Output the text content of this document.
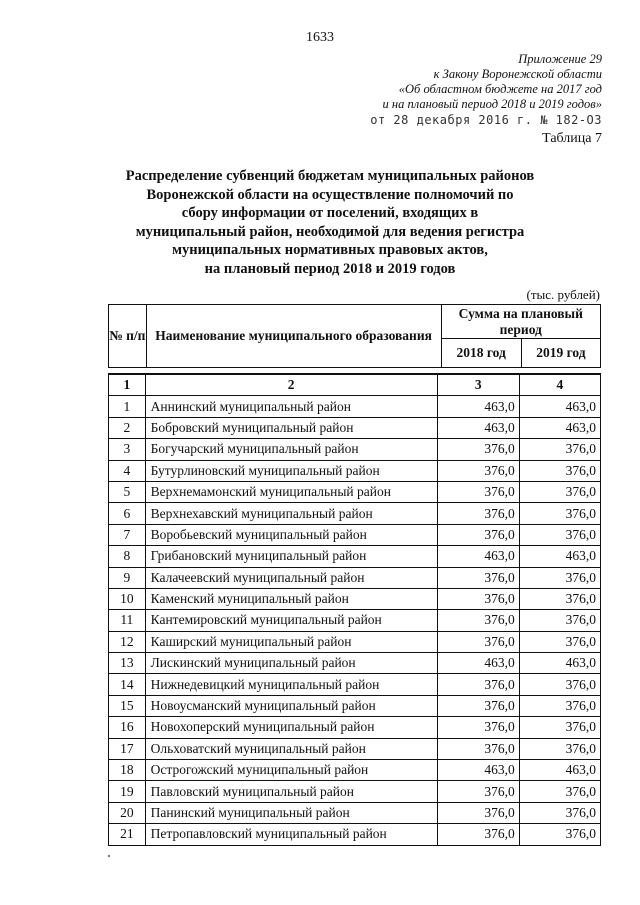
1633
Приложение 29
к Закону Воронежской области
«Об областном бюджете на 2017 год
и на плановый период 2018 и 2019 годов»
от 28 декабря 2016 г. № 182-ОЗ
Таблица 7
Распределение субвенций бюджетам муниципальных районов
Воронежской области на осуществление полномочий по
сбору информации от поселений, входящих в
муниципальный район, необходимой для ведения регистра
муниципальных нормативных правовых актов,
на плановый период 2018 и 2019 годов
(тыс. рублей)
№ п/п	Наименование муниципального образования	Сумма на плановый период	
		2018 год	2019 год
1	2	3	4
1	Аннинский муниципальный район	463,0	463,0
2	Бобровский муниципальный район	463,0	463,0
3	Богучарский муниципальный район	376,0	376,0
4	Бутурлиновский муниципальный район	376,0	376,0
5	Верхнемамонский муниципальный район	376,0	376,0
6	Верхнехавский муниципальный район	376,0	376,0
7	Воробьевский муниципальный район	376,0	376,0
8	Грибановский муниципальный район	463,0	463,0
9	Калачеевский муниципальный район	376,0	376,0
10	Каменский муниципальный район	376,0	376,0
11	Кантемировский муниципальный район	376,0	376,0
12	Каширский муниципальный район	376,0	376,0
13	Лискинский муниципальный район	463,0	463,0
14	Нижнедевицкий муниципальный район	376,0	376,0
15	Новоусманский муниципальный район	376,0	376,0
16	Новохоперский муниципальный район	376,0	376,0
17	Ольховатский муниципальный район	376,0	376,0
18	Острогожский муниципальный район	463,0	463,0
19	Павловский муниципальный район	376,0	376,0
20	Панинский муниципальный район	376,0	376,0
21	Петропавловский муниципальный район	376,0	376,0
